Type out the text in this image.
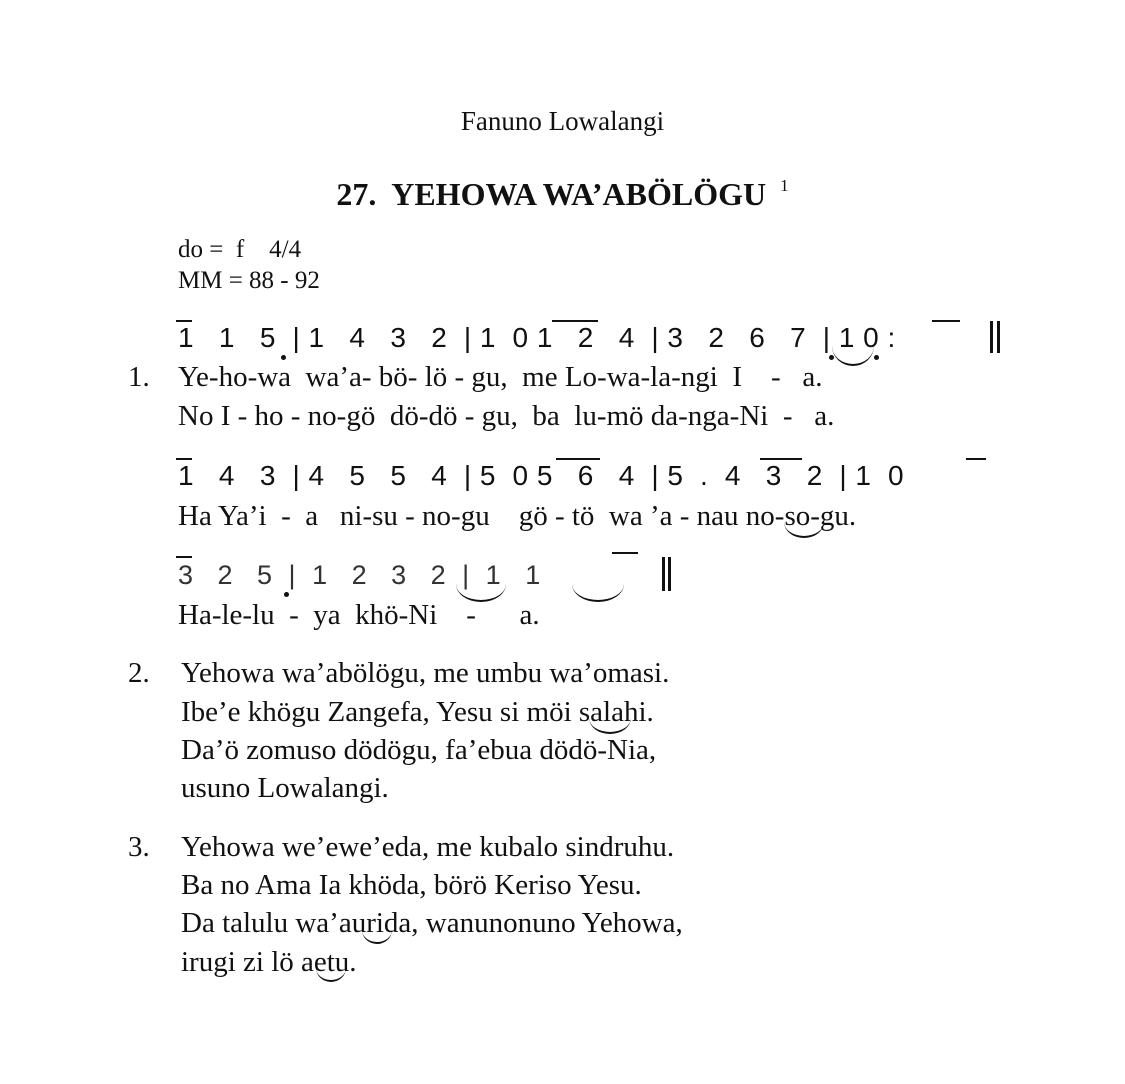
Fanuno Lowalangi
27.  YEHOWA WA’ABÖLÖGU $^1$
do =  f    4/4
MM = 88 - 92
1   1   5  | 1   4   3   2  | 1  0 1   2   4  | 3   2   6   7  | 1 0 :
1. Ye-ho-wa  wa’a- bö- lö - gu,  me Lo-wa-la-ngi  I    -   a.
No I - ho - no-gö  dö-dö - gu,  ba  lu-mö da-nga-Ni  -   a.
1   4   3  | 4   5   5   4  | 5  0 5   6   4  | 5  .  4   3   2  | 1  0
Ha Ya’i  -  a   ni-su - no-gu    gö - tö  wa ’a - nau no-so-gu.
3   2   5  |  1   2   3   2  |  1   1
Ha-le-lu  -  ya  khö-Ni    -      a.
2. Yehowa wa’abölögu, me umbu wa’omasi.
Ibe’e khögu Zangefa, Yesu si möi salahi.
Da’ö zomuso dödögu, fa’ebua dödö-Nia,
usuno Lowalangi.
3. Yehowa we’ewe’eda, me kubalo sindruhu.
Ba no Ama Ia khöda, börö Keriso Yesu.
Da talulu wa’aurida, wanunonuno Yehowa,
irugi zi lö aetu.
